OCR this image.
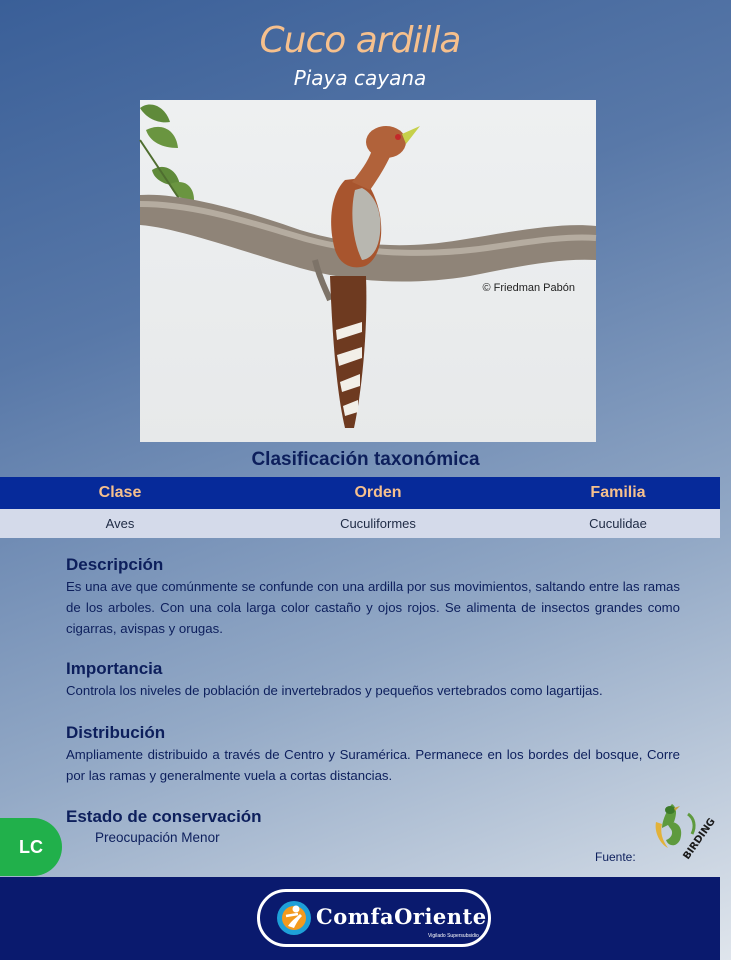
Cuco ardilla
Piaya cayana
© Friedman Pabón
Clasificación taxonómica
Clase	Orden	Familia
Aves	Cuculiformes	Cuculidae
Descripción

Es una ave que comúnmente se confunde con una ardilla por sus movimientos, saltando entre las ramas de los arboles. Con una cola larga color castaño y ojos rojos. Se alimenta de insectos grandes como cigarras, avispas y orugas.

Importancia

Controla los niveles de población de invertebrados y pequeños vertebrados como lagartijas.

Distribución

Ampliamente distribuido a través de Centro y Suramérica. Permanece en los bordes del bosque, Corre por las ramas y generalmente vuela a cortas distancias.

Estado de conservación
LC	Preocupación Menor
Fuente:	BIRDING
ComfaOriente
Vigilado Supersubsidio
